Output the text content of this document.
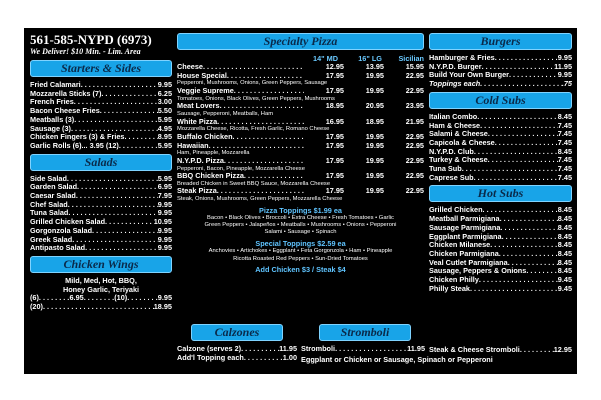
561-585-NYPD (6973)
We Deliver! $10 Min. - Lim. Area
Starters & Sides
Fried Calamari . . .	9.95
Mozzarella Sticks (7) . . .	6.25
French Fries . . .	3.00
Bacon Cheese Fries . . .	5.50
Meatballs (3) . . .	5.95
Sausage (3) . . .	4.95
Chicken Fingers (3) & Fries . . .	8.95
Garlic Rolls (6)... 3.95 (12) . . .	5.95
Salads
Side Salad . . .	5.95
Garden Salad . . .	6.95
Caesar Salad . . .	7.95
Chef Salad . . .	9.95
Tuna Salad . . .	9.95
Grilled Chicken Salad . . .	10.95
Gorgonzola Salad . . .	9.95
Greek Salad . . .	9.95
Antipasto Salad . . .	9.95
Chicken Wings
Mild, Med, Hot, BBQ,
Honey Garlic, Teriyaki
(6) . . .	6.95 . . .	(10) . . .	9.95
(20) . . .	18.95
Specialty Pizza
14" MD	16" LG	Sicilian
Cheese . . .	12.95	13.95	15.95
House Special . . .	17.95	19.95	22.95
Pepperoni, Mushrooms, Onions, Green Peppers, Sausage
Veggie Supreme . . .	17.95	19.95	22.95
Tomatoes, Onions, Black Olives, Green Peppers, Mushrooms
Meat Lovers . . .	18.95	20.95	23.95
Sausage, Pepperoni, Meatballs, Ham
White Pizza . . .	16.95	18.95	21.95
Mozzarella Cheese, Ricotta, Fresh Garlic, Romano Cheese
Buffalo Chicken . . .	17.95	19.95	22.95
Hawaiian . . .	17.95	19.95	22.95
Ham, Pineapple, Mozzarella
N.Y.P.D. Pizza . . .	17.95	19.95	22.95
Pepperoni, Bacon, Pineapple, Mozzarella Cheese
BBQ Chicken Pizza . . .	17.95	19.95	22.95
Breaded Chicken in Sweet BBQ Sauce, Mozzarella Cheese
Steak Pizza . . .	17.95	19.95	22.95
Steak, Onions, Mushrooms, Green Peppers, Mozzarella Cheese
Pizza Toppings $1.99 ea
Bacon • Black Olives • Broccoli • Extra Cheese • Fresh Tomatoes • Garlic
Green Peppers • Jalapeños • Meatballs • Mushrooms • Onions • Pepperoni
Salami • Sausage • Spinach
Special Toppings $2.59 ea
Anchovies • Artichokes • Eggplant • Feta Gorgonzola • Ham • Pineapple
Ricotta Roasted Red Peppers • Sun-Dried Tomatoes
Add Chicken $3 / Steak $4
Calzones
Calzone (serves 2) . . .	11.95
Add'l Topping each . . .	1.00
Stromboli
Stromboli . . .	11.95
Eggplant or Chicken or Sausage, Spinach or Pepperoni
Burgers
Hamburger & Fries . . .	9.95
N.Y.P.D. Burger . . .	11.95
Build Your Own Burger . . .	9.95
Toppings each . . .	.75
Cold Subs
Italian Combo . . .	8.45
Ham & Cheese . . .	7.45
Salami & Cheese . . .	7.45
Capicola & Cheese . . .	7.45
N.Y.P.D. Club . . .	8.45
Turkey & Cheese . . .	7.45
Tuna Sub . . .	7.45
Caprese Sub . . .	7.45
Hot Subs
Grilled Chicken . . .	8.45
Meatball Parmigiana . . .	8.45
Sausage Parmigiana . . .	8.45
Eggplant Parmigiana . . .	8.45
Chicken Milanese . . .	8.45
Chicken Parmigiana . . .	8.45
Veal Cutlet Parmigiana . . .	8.45
Sausage, Peppers & Onions . . .	8.45
Chicken Philly . . .	9.45
Philly Steak . . .	9.45
Steak & Cheese Stromboli . . .	12.95
